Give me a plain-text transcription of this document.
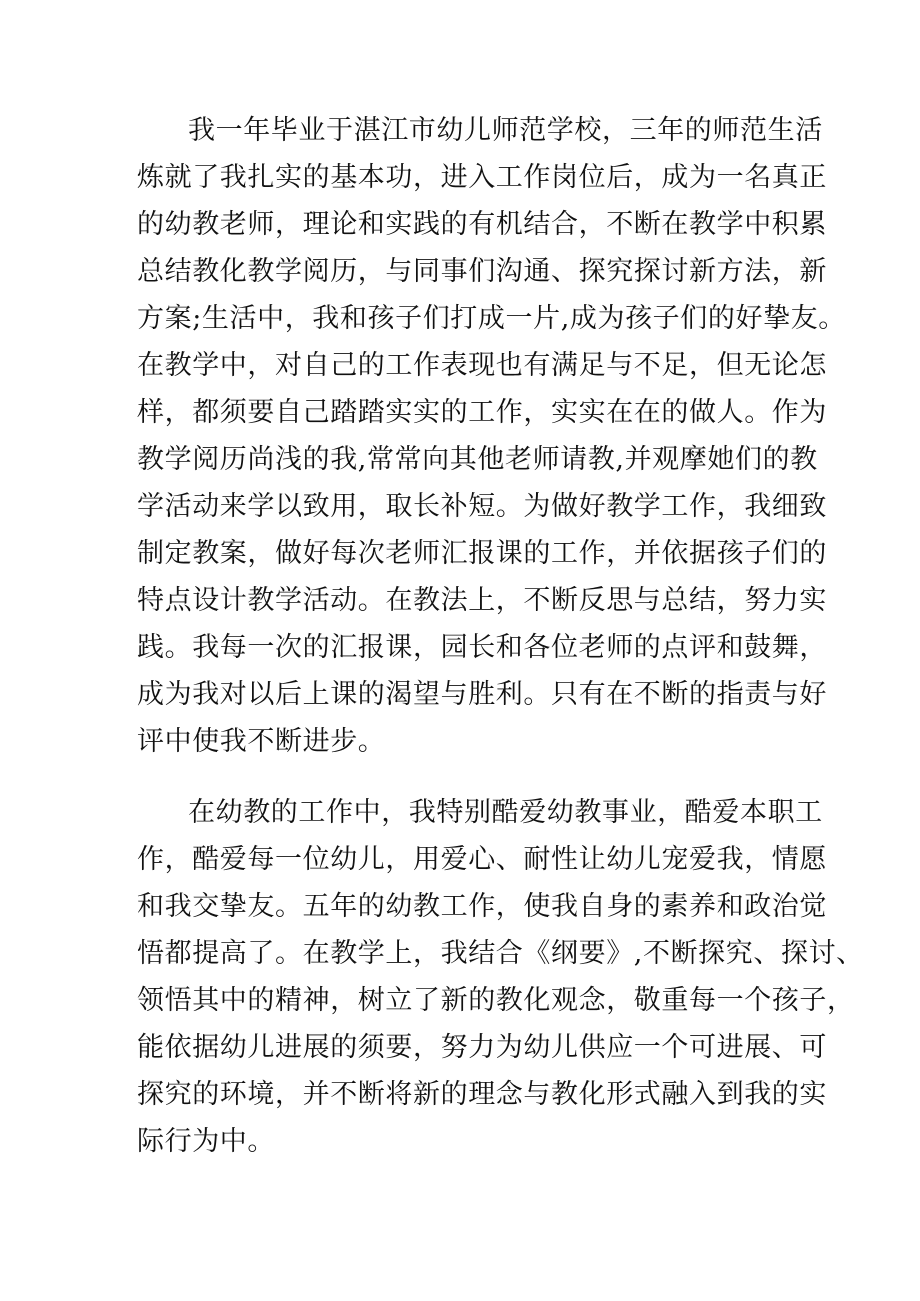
我一年毕业于湛江市幼儿师范学校，三年的师范生活
炼就了我扎实的基本功，进入工作岗位后，成为一名真正
的幼教老师，理论和实践的有机结合，不断在教学中积累
总结教化教学阅历，与同事们沟通、探究探讨新方法，新
方案;生活中，我和孩子们打成一片,成为孩子们的好挚友。
在教学中，对自己的工作表现也有满足与不足，但无论怎
样，都须要自己踏踏实实的工作，实实在在的做人。作为
教学阅历尚浅的我,常常向其他老师请教,并观摩她们的教
学活动来学以致用，取长补短。为做好教学工作，我细致
制定教案，做好每次老师汇报课的工作，并依据孩子们的
特点设计教学活动。在教法上，不断反思与总结，努力实
践。我每一次的汇报课，园长和各位老师的点评和鼓舞，
成为我对以后上课的渴望与胜利。只有在不断的指责与好
评中使我不断进步。
在幼教的工作中，我特别酷爱幼教事业，酷爱本职工
作，酷爱每一位幼儿，用爱心、耐性让幼儿宠爱我，情愿
和我交挚友。五年的幼教工作，使我自身的素养和政治觉
悟都提高了。在教学上，我结合《纲要》,不断探究、探讨、
领悟其中的精神，树立了新的教化观念，敬重每一个孩子，
能依据幼儿进展的须要，努力为幼儿供应一个可进展、可
探究的环境，并不断将新的理念与教化形式融入到我的实
际行为中。
